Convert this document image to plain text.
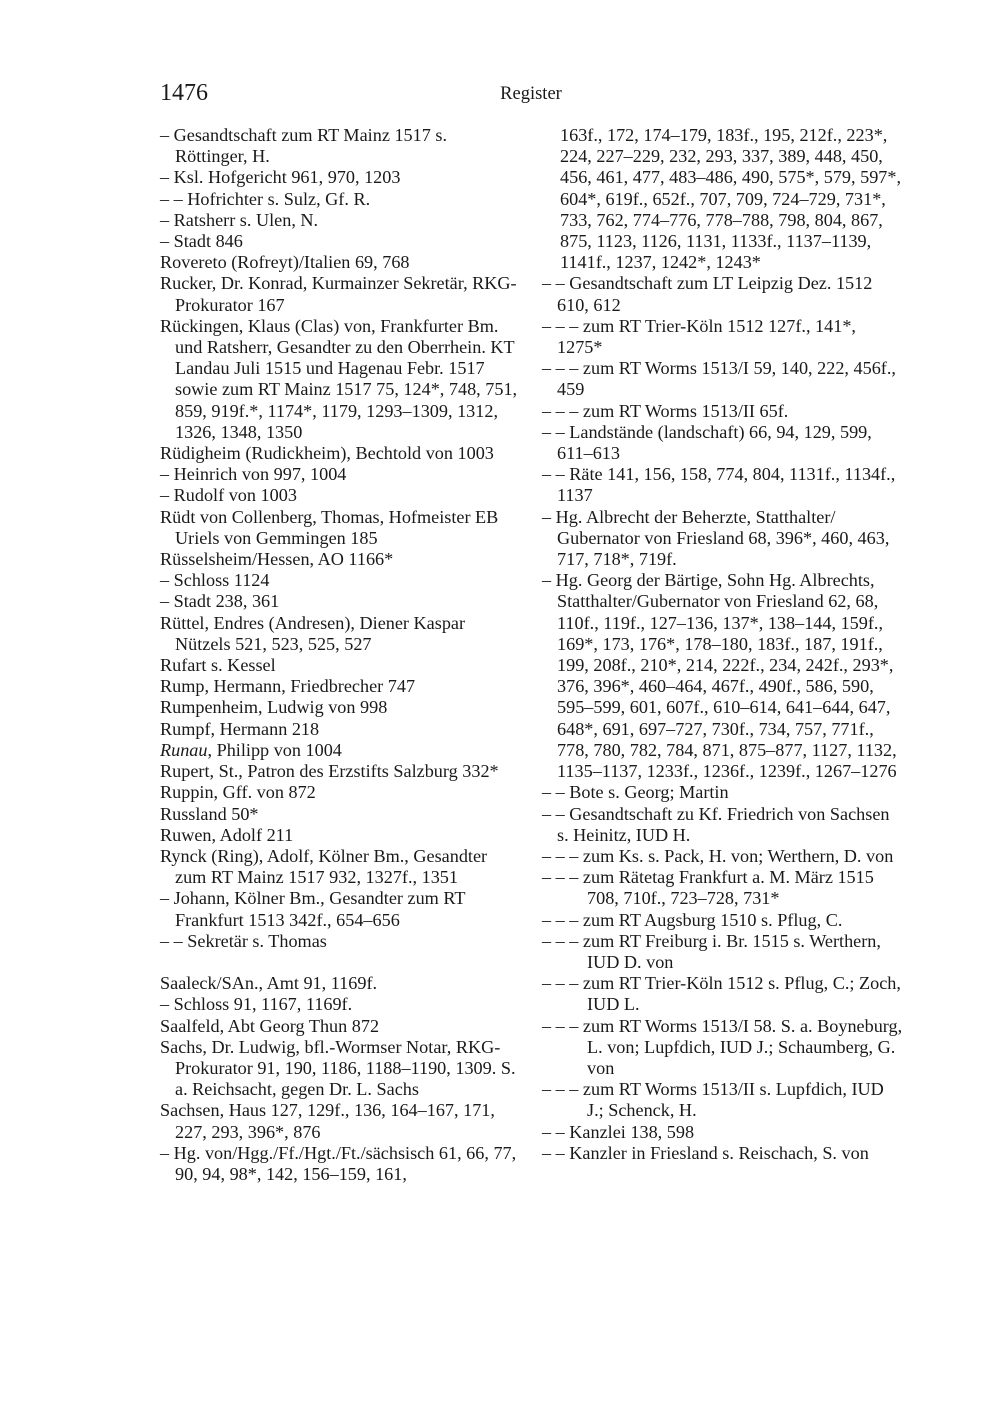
1476	Register
– Gesandtschaft zum RT Mainz 1517 s. Röttinger, H.
– Ksl. Hofgericht 961, 970, 1203
– – Hofrichter s. Sulz, Gf. R.
– Ratsherr s. Ulen, N.
– Stadt 846
Rovereto (Rofreyt)/Italien 69, 768
Rucker, Dr. Konrad, Kurmainzer Sekretär, RKG-Prokurator 167
Rückingen, Klaus (Clas) von, Frankfurter Bm. und Ratsherr, Gesandter zu den Oberrhein. KT Landau Juli 1515 und Hagenau Febr. 1517 sowie zum RT Mainz 1517 75, 124*, 748, 751, 859, 919f.*, 1174*, 1179, 1293–1309, 1312, 1326, 1348, 1350
Rüdigheim (Rudickheim), Bechtold von 1003
– Heinrich von 997, 1004
– Rudolf von 1003
Rüdt von Collenberg, Thomas, Hofmeister EB Uriels von Gemmingen 185
Rüsselsheim/Hessen, AO 1166*
– Schloss 1124
– Stadt 238, 361
Rüttel, Endres (Andresen), Diener Kaspar Nützels 521, 523, 525, 527
Rufart s. Kessel
Rump, Hermann, Friedbrecher 747
Rumpenheim, Ludwig von 998
Rumpf, Hermann 218
Runau, Philipp von 1004
Rupert, St., Patron des Erzstifts Salzburg 332*
Ruppin, Gff. von 872
Russland 50*
Ruwen, Adolf 211
Rynck (Ring), Adolf, Kölner Bm., Gesandter zum RT Mainz 1517 932, 1327f., 1351
– Johann, Kölner Bm., Gesandter zum RT Frankfurt 1513 342f., 654–656
– – Sekretär s. Thomas
Saaleck/SAn., Amt 91, 1169f.
– Schloss 91, 1167, 1169f.
Saalfeld, Abt Georg Thun 872
Sachs, Dr. Ludwig, bfl.-Wormser Notar, RKG-Prokurator 91, 190, 1186, 1188–1190, 1309. S. a. Reichsacht, gegen Dr. L. Sachs
Sachsen, Haus 127, 129f., 136, 164–167, 171, 227, 293, 396*, 876
– Hg. von/Hgg./Ff./Hgt./Ft./sächsisch 61, 66, 77, 90, 94, 98*, 142, 156–159, 161,
163f., 172, 174–179, 183f., 195, 212f., 223*, 224, 227–229, 232, 293, 337, 389, 448, 450, 456, 461, 477, 483–486, 490, 575*, 579, 597*, 604*, 619f., 652f., 707, 709, 724–729, 731*, 733, 762, 774–776, 778–788, 798, 804, 867, 875, 1123, 1126, 1131, 1133f., 1137–1139, 1141f., 1237, 1242*, 1243*
– – Gesandtschaft zum LT Leipzig Dez. 1512 610, 612
– – – zum RT Trier-Köln 1512 127f., 141*, 1275*
– – – zum RT Worms 1513/I 59, 140, 222, 456f., 459
– – – zum RT Worms 1513/II 65f.
– – Landstände (landschaft) 66, 94, 129, 599, 611–613
– – Räte 141, 156, 158, 774, 804, 1131f., 1134f., 1137
– Hg. Albrecht der Beherzte, Statthalter/ Gubernator von Friesland 68, 396*, 460, 463, 717, 718*, 719f.
– Hg. Georg der Bärtige, Sohn Hg. Albrechts, Statthalter/Gubernator von Friesland 62, 68, 110f., 119f., 127–136, 137*, 138–144, 159f., 169*, 173, 176*, 178–180, 183f., 187, 191f., 199, 208f., 210*, 214, 222f., 234, 242f., 293*, 376, 396*, 460–464, 467f., 490f., 586, 590, 595–599, 601, 607f., 610–614, 641–644, 647, 648*, 691, 697–727, 730f., 734, 757, 771f., 778, 780, 782, 784, 871, 875–877, 1127, 1132, 1135–1137, 1233f., 1236f., 1239f., 1267–1276
– – Bote s. Georg; Martin
– – Gesandtschaft zu Kf. Friedrich von Sachsen s. Heinitz, IUD H.
– – – zum Ks. s. Pack, H. von; Werthern, D. von
– – – zum Rätetag Frankfurt a. M. März 1515 708, 710f., 723–728, 731*
– – – zum RT Augsburg 1510 s. Pflug, C.
– – – zum RT Freiburg i. Br. 1515 s. Werthern, IUD D. von
– – – zum RT Trier-Köln 1512 s. Pflug, C.; Zoch, IUD L.
– – – zum RT Worms 1513/I 58. S. a. Boyneburg, L. von; Lupfdich, IUD J.; Schaumberg, G. von
– – – zum RT Worms 1513/II s. Lupfdich, IUD J.; Schenck, H.
– – Kanzlei 138, 598
– – Kanzler in Friesland s. Reischach, S. von
